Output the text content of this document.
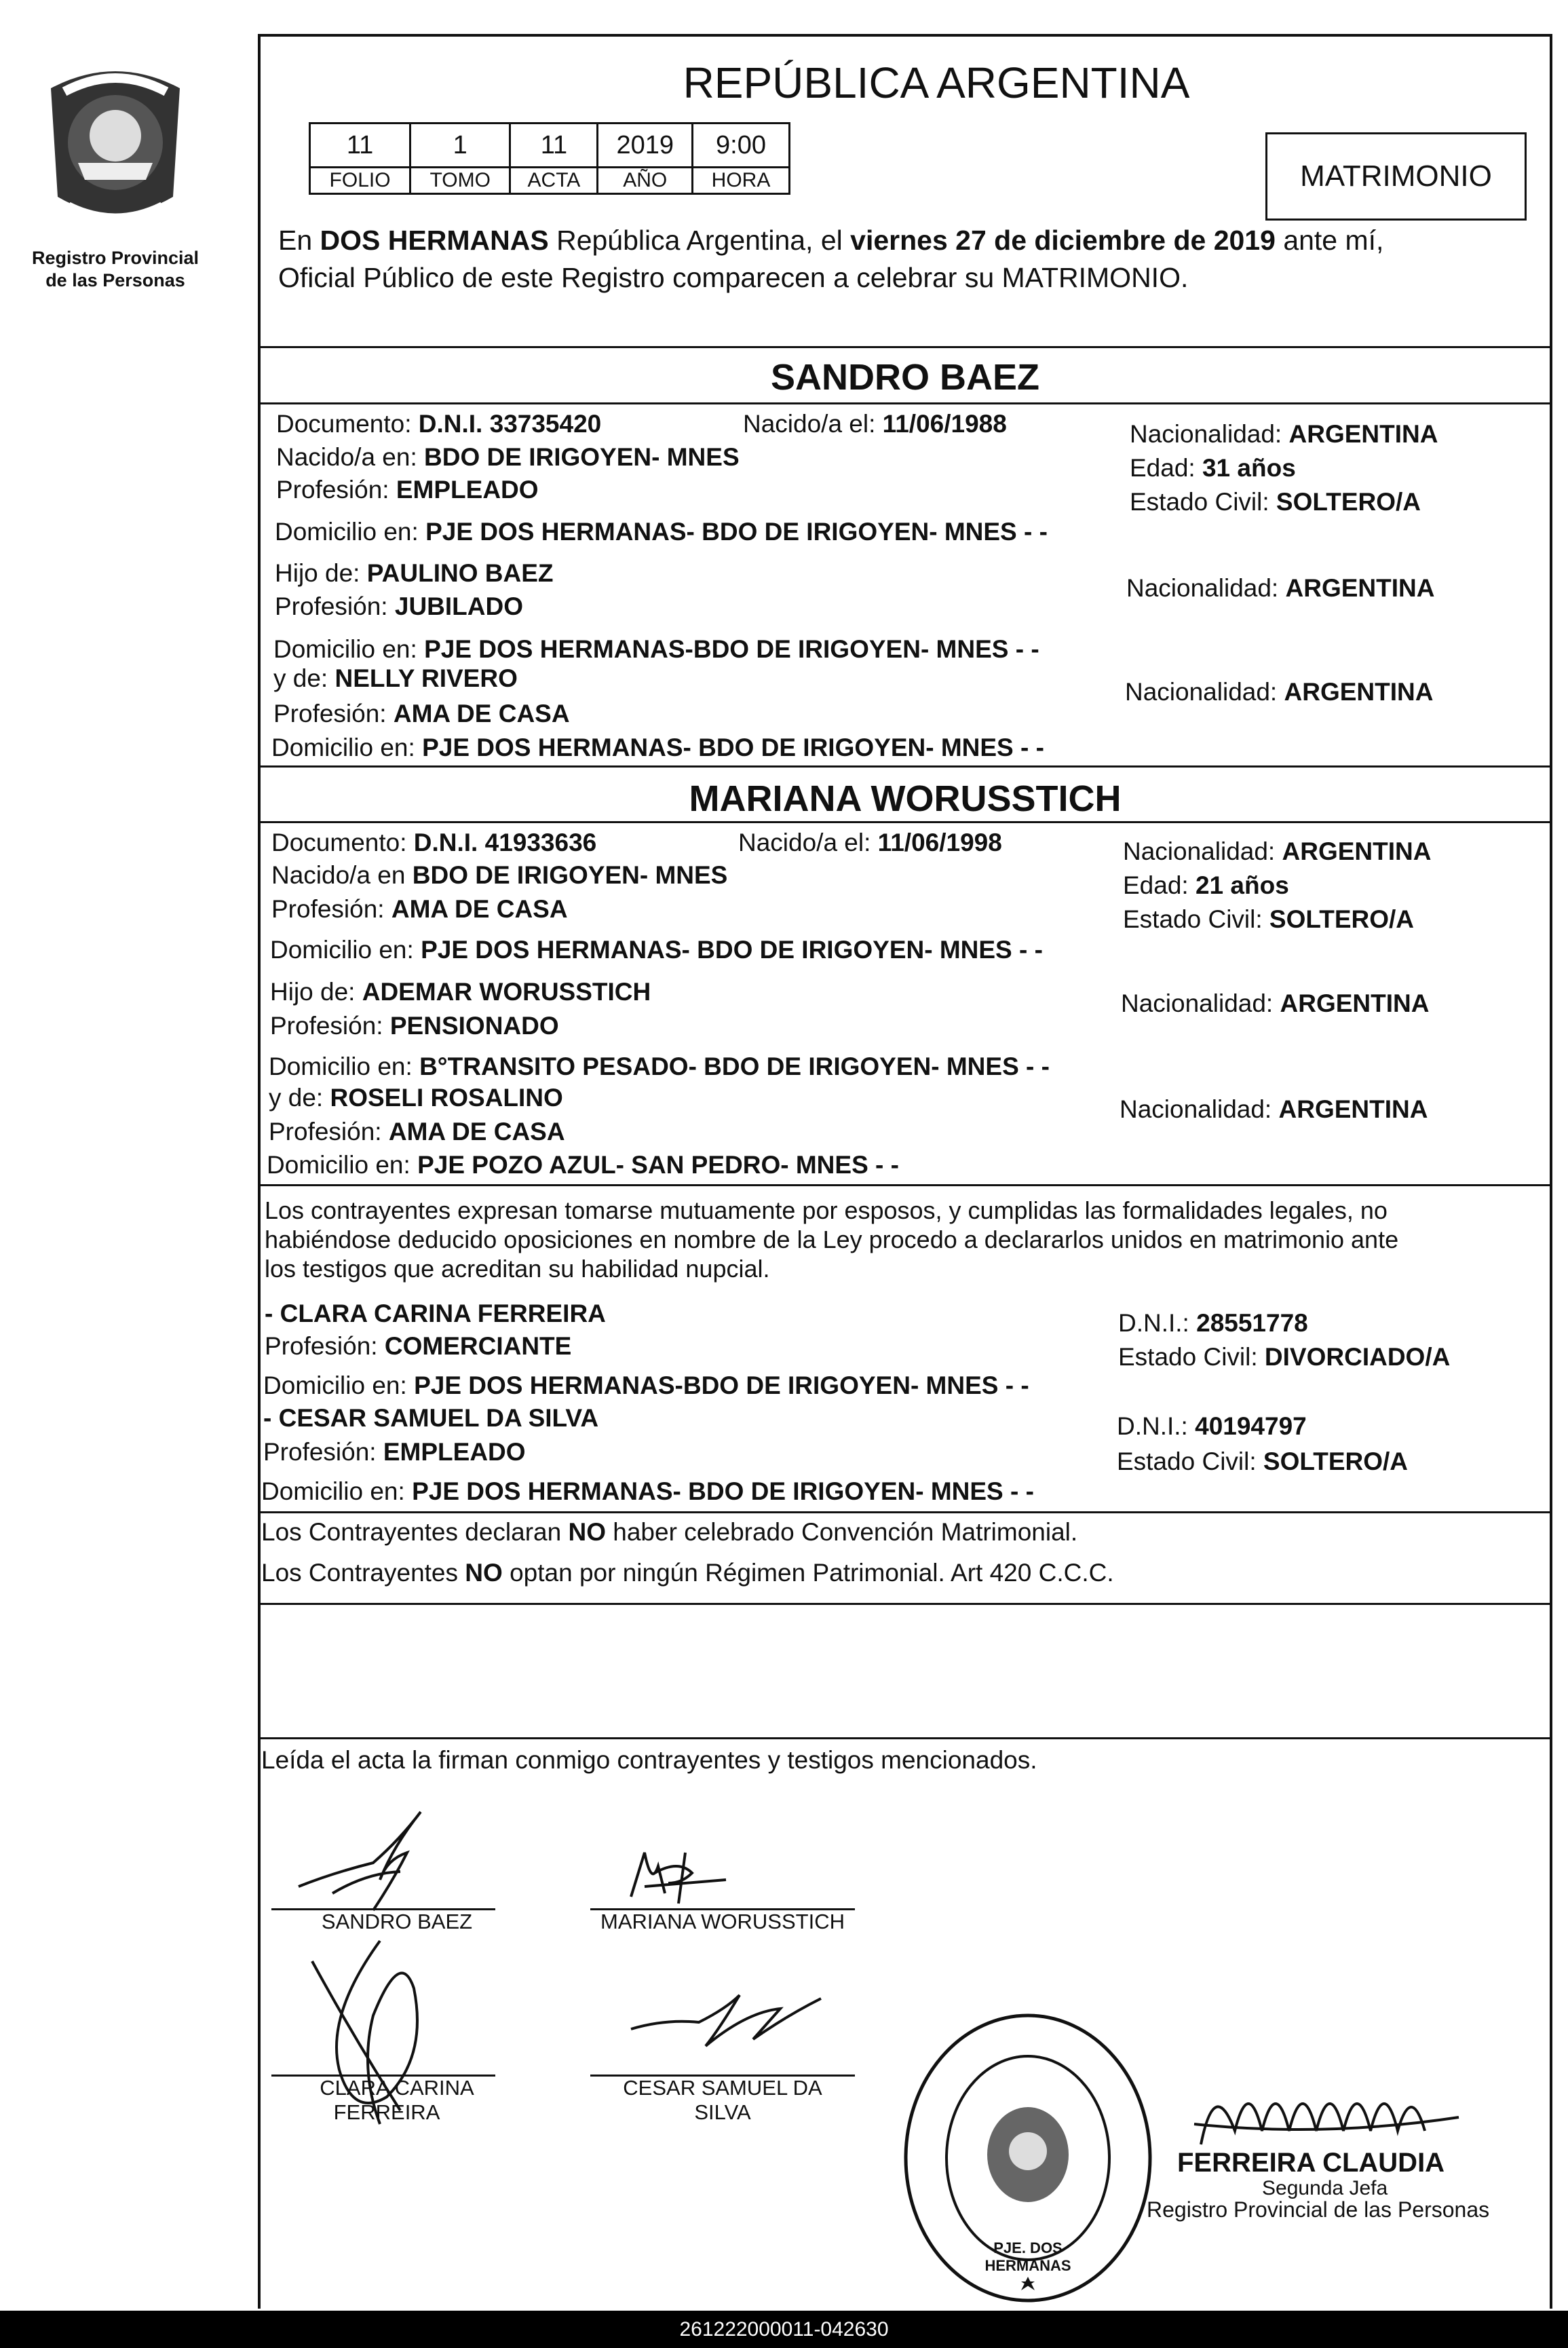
Registro Provincial
de las Personas
REPÚBLICA ARGENTINA
11	1	11	2019	9:00
FOLIO	TOMO	ACTA	AÑO	HORA	MATRIMONIO
En DOS HERMANAS República Argentina, el viernes 27 de diciembre de 2019 ante mí,
Oficial Público de este Registro comparecen a celebrar su MATRIMONIO.
SANDRO BAEZ
Documento: D.N.I. 33735420	Nacido/a el: 11/06/1988	Nacionalidad: ARGENTINA
Nacido/a en: BDO DE IRIGOYEN- MNES	Edad: 31 años
Profesión: EMPLEADO	Estado Civil: SOLTERO/A
Domicilio en: PJE DOS HERMANAS- BDO DE IRIGOYEN- MNES - -
Hijo de: PAULINO BAEZ
Nacionalidad: ARGENTINA
Profesión: JUBILADO
Domicilio en: PJE DOS HERMANAS-BDO DE IRIGOYEN- MNES - -
y de: NELLY RIVERO	Nacionalidad: ARGENTINA
Profesión: AMA DE CASA
Domicilio en: PJE DOS HERMANAS- BDO DE IRIGOYEN- MNES - -
MARIANA WORUSSTICH
Documento: D.N.I. 41933636	Nacido/a el: 11/06/1998	Nacionalidad: ARGENTINA
Nacido/a en BDO DE IRIGOYEN- MNES	Edad: 21 años
Profesión: AMA DE CASA	Estado Civil: SOLTERO/A
Domicilio en: PJE DOS HERMANAS- BDO DE IRIGOYEN- MNES - -
Hijo de: ADEMAR WORUSSTICH	Nacionalidad: ARGENTINA
Profesión: PENSIONADO
Domicilio en: B°TRANSITO PESADO- BDO DE IRIGOYEN- MNES - -
y de: ROSELI ROSALINO	Nacionalidad: ARGENTINA
Profesión: AMA DE CASA
Domicilio en: PJE POZO AZUL- SAN PEDRO- MNES - -
Los contrayentes expresan tomarse mutuamente por esposos, y cumplidas las formalidades legales, no
habiéndose deducido oposiciones en nombre de la Ley procedo a declararlos unidos en matrimonio ante
los testigos que acreditan su habilidad nupcial.
- CLARA CARINA FERREIRA	D.N.I.: 28551778
Profesión: COMERCIANTE	Estado Civil: DIVORCIADO/A
Domicilio en: PJE DOS HERMANAS-BDO DE IRIGOYEN- MNES - -
- CESAR SAMUEL DA SILVA	D.N.I.: 40194797
Profesión: EMPLEADO	Estado Civil: SOLTERO/A
Domicilio en: PJE DOS HERMANAS- BDO DE IRIGOYEN- MNES - -
Los Contrayentes declaran NO haber celebrado Convención Matrimonial.
Los Contrayentes NO optan por ningún Régimen Patrimonial. Art 420 C.C.C.
Leída el acta la firman conmigo contrayentes y testigos mencionados.
SANDRO BAEZ	MARIANA WORUSSTICH
CLARA CARINA
FERREIRA
CESAR SAMUEL DA
SILVA
PJE. DOS HERMANAS
FERREIRA CLAUDIA
Segunda Jefa
Registro Provincial de las Personas
261222000011-042630
